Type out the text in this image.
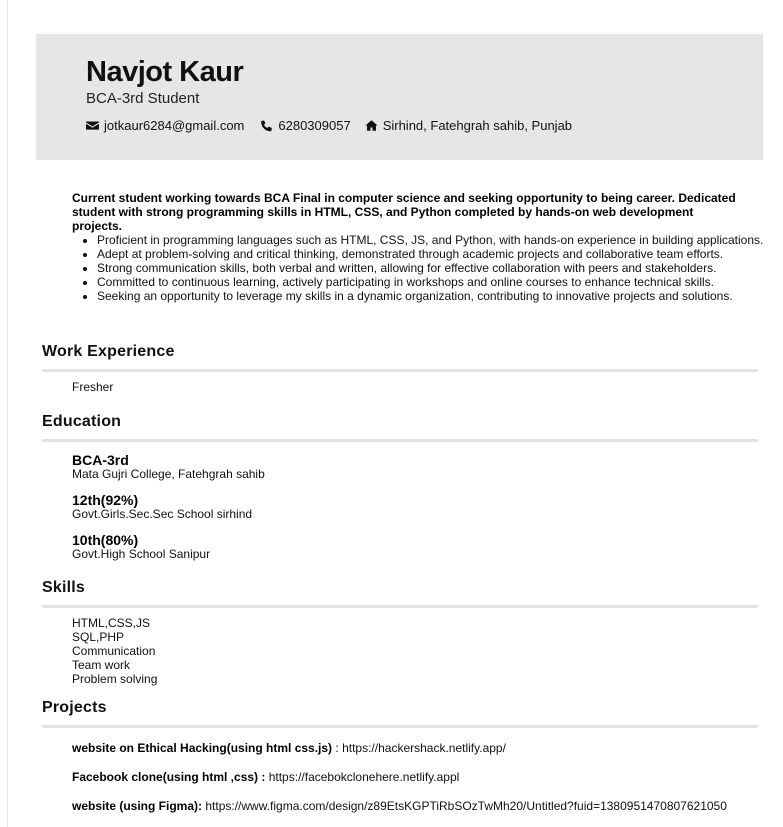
Navjot Kaur
BCA-3rd Student
jotkaur6284@gmail.com	6280309057 Sirhind, Fatehgrah sahib, Punjab
Current student working towards BCA Final in computer science and seeking opportunity to being career. Dedicated student with strong programming skills in HTML, CSS, and Python completed by hands-on web development projects.
• Proficient in programming languages such as HTML, CSS, JS, and Python, with hands-on experience in building applications.
• Adept at problem-solving and critical thinking, demonstrated through academic projects and collaborative team efforts.
• Strong communication skills, both verbal and written, allowing for effective collaboration with peers and stakeholders.
• Committed to continuous learning, actively participating in workshops and online courses to enhance technical skills.
• Seeking an opportunity to leverage my skills in a dynamic organization, contributing to innovative projects and solutions.
Work Experience
Fresher
Education
BCA-3rd
Mata Gujri College, Fatehgrah sahib
12th(92%)
Govt.Girls.Sec.Sec School sirhind
10th(80%)
Govt.High School Sanipur
Skills
HTML,CSS,JS
SQL,PHP
Communication
Team work
Problem solving
Projects
website on Ethical Hacking(using html css.js) : https://hackershack.netlify.app/
Facebook clone(using html ,css) : https://facebokclonehere.netlify.appl
website (using Figma): https://www.figma.com/design/z89EtsKGPTiRbSOzTwMh20/Untitled?fuid=1380951470807621050
